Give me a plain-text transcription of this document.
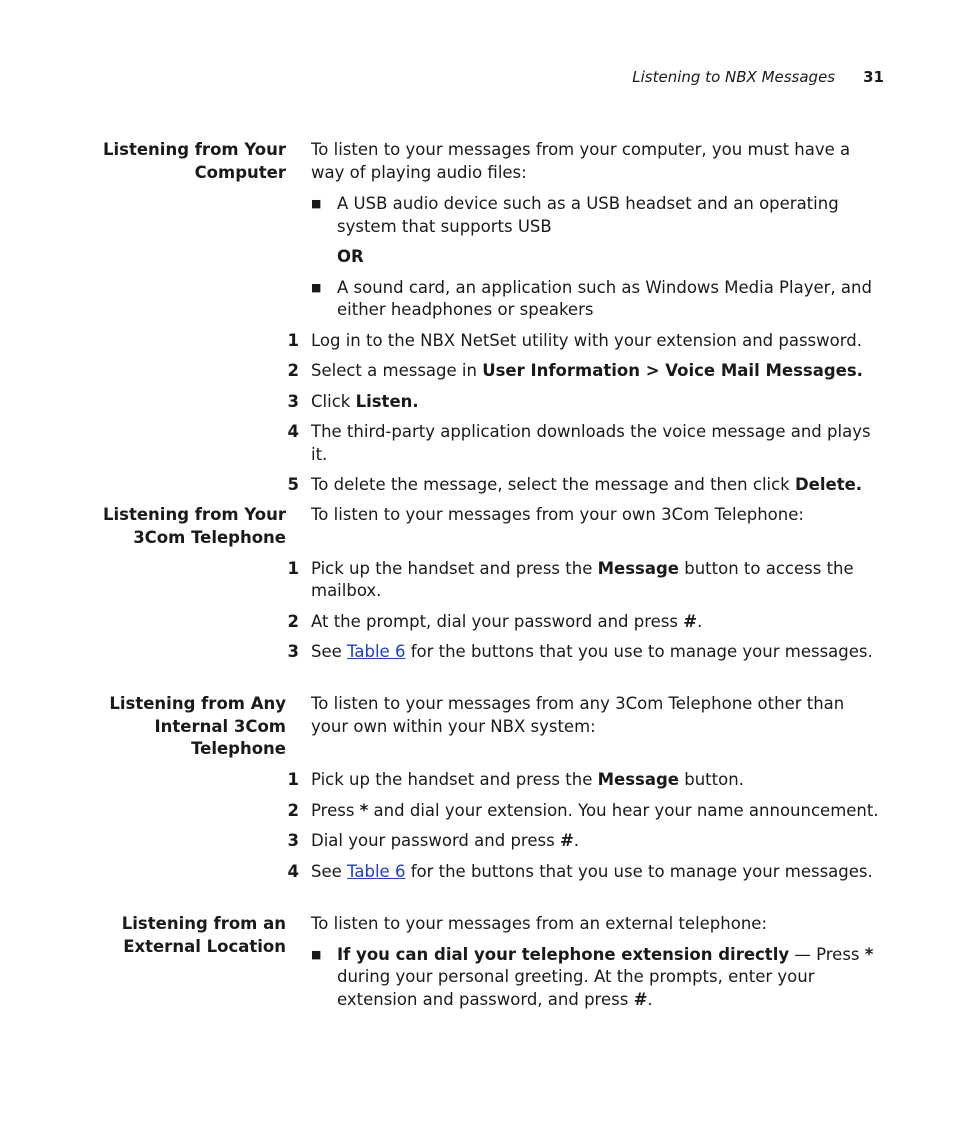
Listening to NBX Messages 31
Listening from Your
Computer

To listen to your messages from your computer, you must have a way of playing audio files:

■ A USB audio device such as a USB headset and an operating system that supports USB
OR
■ A sound card, an application such as Windows Media Player, and either headphones or speakers
1 Log in to the NBX NetSet utility with your extension and password.
2 Select a message in User Information > Voice Mail Messages.
3 Click Listen.
4 The third-party application downloads the voice message and plays it.
5 To delete the message, select the message and then click Delete.
Listening from Your
3Com Telephone

To listen to your messages from your own 3Com Telephone:

1 Pick up the handset and press the Message button to access the mailbox.
2 At the prompt, dial your password and press #.
3 See Table 6 for the buttons that you use to manage your messages.
Listening from Any
Internal 3Com
Telephone

To listen to your messages from any 3Com Telephone other than your own within your NBX system:

1 Pick up the handset and press the Message button.
2 Press * and dial your extension. You hear your name announcement.
3 Dial your password and press #.
4 See Table 6 for the buttons that you use to manage your messages.
Listening from an
External Location

To listen to your messages from an external telephone:

■ If you can dial your telephone extension directly — Press * during your personal greeting. At the prompts, enter your extension and password, and press #.
